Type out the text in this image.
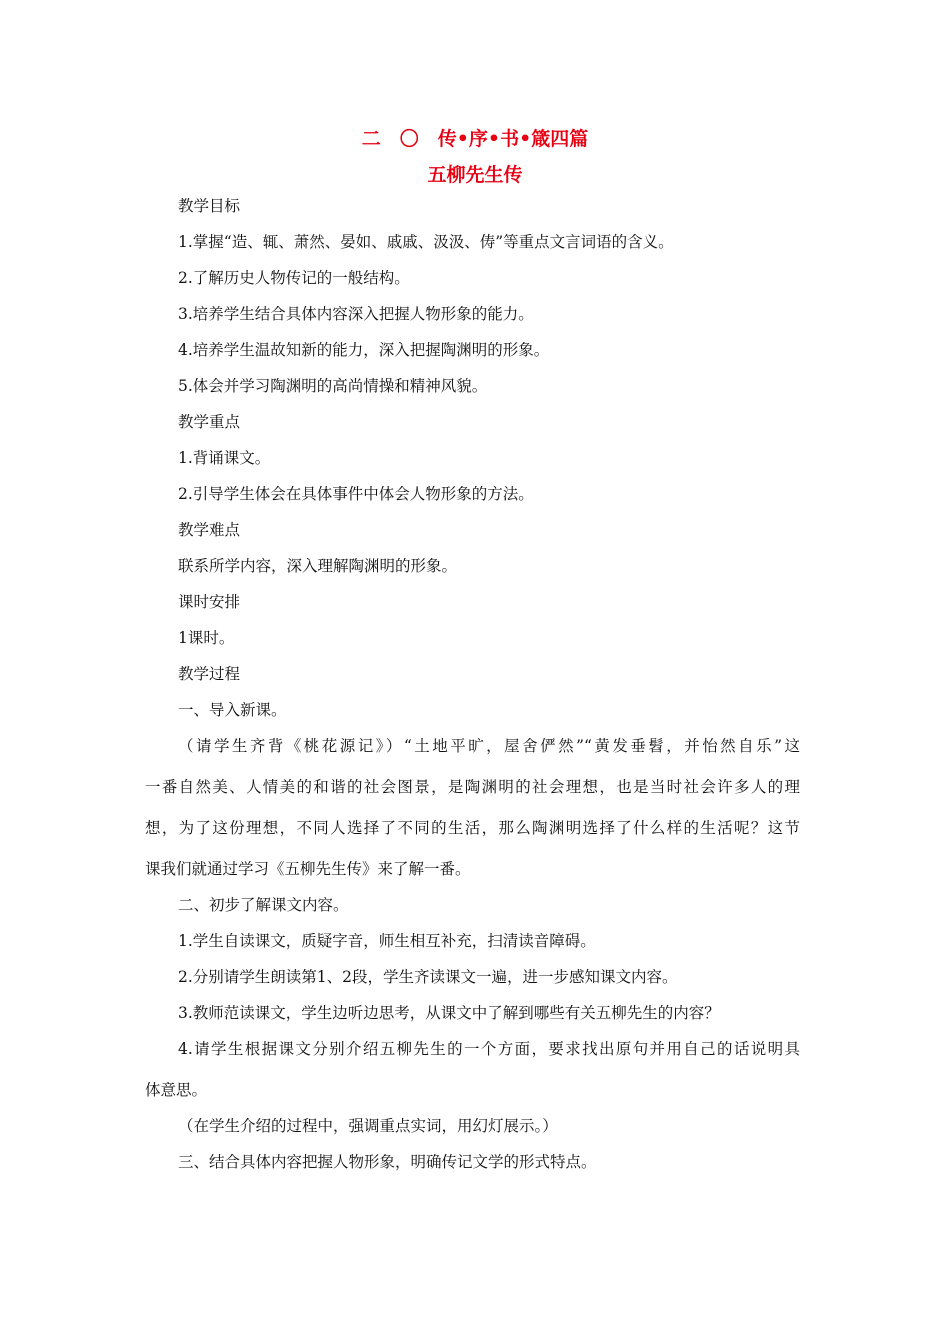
二　〇　传•序•书•箴四篇
五柳先生传
教学目标
1.掌握“造、辄、萧然、晏如、戚戚、汲汲、俦”等重点文言词语的含义。
2.了解历史人物传记的一般结构。
3.培养学生结合具体内容深入把握人物形象的能力。
4.培养学生温故知新的能力，深入把握陶渊明的形象。
5.体会并学习陶渊明的高尚情操和精神风貌。
教学重点
1.背诵课文。
2.引导学生体会在具体事件中体会人物形象的方法。
教学难点
联系所学内容，深入理解陶渊明的形象。
课时安排
1课时。
教学过程
一、导入新课。
（请学生齐背《桃花源记》）“土地平旷，屋舍俨然”“黄发垂髫，并怡然自乐”这
一番自然美、人情美的和谐的社会图景，是陶渊明的社会理想，也是当时社会许多人的理
想，为了这份理想，不同人选择了不同的生活，那么陶渊明选择了什么样的生活呢？这节
课我们就通过学习《五柳先生传》来了解一番。
二、初步了解课文内容。
1.学生自读课文，质疑字音，师生相互补充，扫清读音障碍。
2.分别请学生朗读第1、2段，学生齐读课文一遍，进一步感知课文内容。
3.教师范读课文，学生边听边思考，从课文中了解到哪些有关五柳先生的内容？
4.请学生根据课文分别介绍五柳先生的一个方面，要求找出原句并用自己的话说明具
体意思。
（在学生介绍的过程中，强调重点实词，用幻灯展示。）
三、结合具体内容把握人物形象，明确传记文学的形式特点。
